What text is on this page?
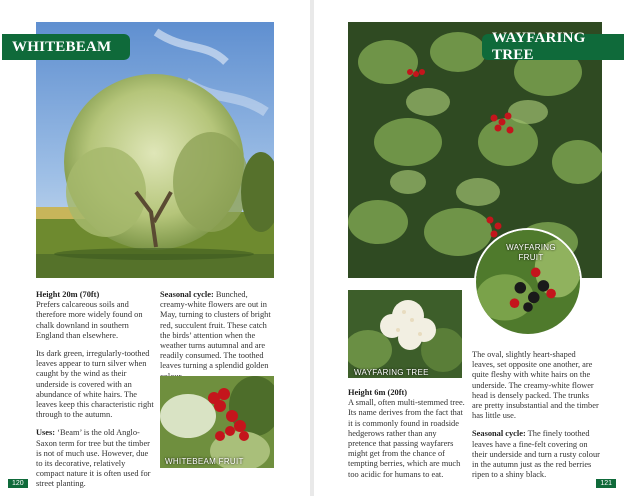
WHITEBEAM

Height 20m (70ft)
Prefers calcareous soils and therefore more widely found on chalk downland in southern England than elsewhere.

Its dark green, irregularly-toothed leaves appear to turn silver when caught by the wind as their underside is covered with an abundance of white hairs. The leaves keep this characteristic right through to the autumn.

Uses: ‘Beam’ is the old Anglo-Saxon term for tree but the timber is not of much use. However, due to its decorative, relatively compact nature it is often used for street planting.

Seasonal cycle: Bunched, creamy-white flowers are out in May, turning to clusters of bright red, succulent fruit. These catch the birds’ attention when the weather turns autumnal and are readily consumed. The toothed leaves turning a splendid golden

WHITEBEAM FRUIT
120
WAYFARING TREE
WAYFARING FRUIT
WAYFARING TREE

Height 6m (20ft)
A small, often multi-stemmed tree. Its name derives from the fact that it is commonly found in roadside hedgerows rather than any pretence that passing wayfarers might get from the chance of tempting berries, which are much too acidic for humans to eat.

The oval, slightly heart-shaped leaves, set opposite one another, are quite fleshy with white hairs on the underside. The creamy-white flower head is densely packed. The trunks are pretty insubstantial and the timber has little use.

Seasonal cycle: The finely toothed leaves have a fine-felt covering on their underside and turn a rusty colour in the autumn just as the red berries ripen to a shiny black.

121
